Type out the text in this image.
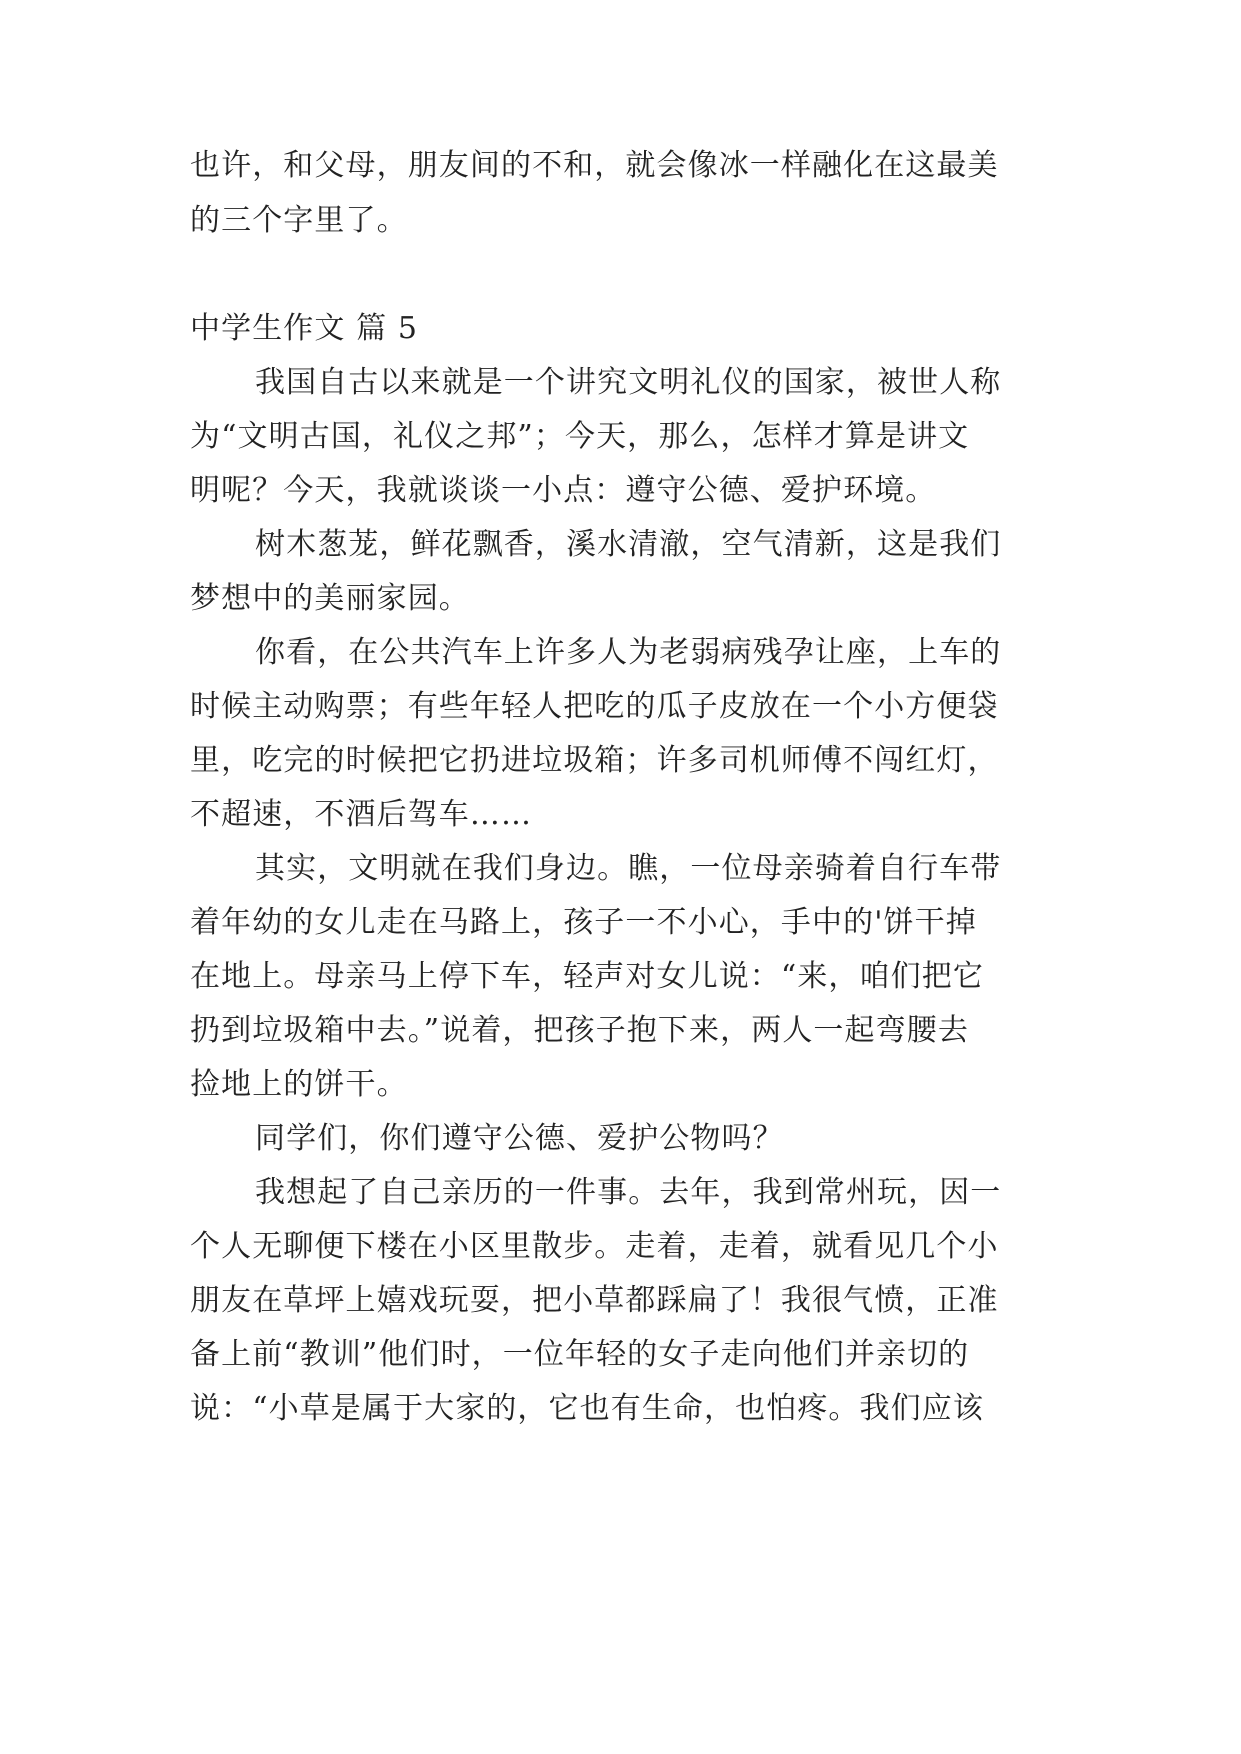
也许，和父母，朋友间的不和，就会像冰一样融化在这最美
的三个字里了。
中学生作文 篇 5
我国自古以来就是一个讲究文明礼仪的国家，被世人称
为“文明古国，礼仪之邦”；今天，那么，怎样才算是讲文
明呢？今天，我就谈谈一小点：遵守公德、爱护环境。
树木葱茏，鲜花飘香，溪水清澈，空气清新，这是我们
梦想中的美丽家园。
你看，在公共汽车上许多人为老弱病残孕让座，上车的
时候主动购票；有些年轻人把吃的瓜子皮放在一个小方便袋
里，吃完的时候把它扔进垃圾箱；许多司机师傅不闯红灯，
不超速，不酒后驾车……
其实，文明就在我们身边。瞧，一位母亲骑着自行车带
着年幼的女儿走在马路上，孩子一不小心，手中的'饼干掉
在地上。母亲马上停下车，轻声对女儿说：“来，咱们把它
扔到垃圾箱中去。”说着，把孩子抱下来，两人一起弯腰去
捡地上的饼干。
同学们，你们遵守公德、爱护公物吗？
我想起了自己亲历的一件事。去年，我到常州玩，因一
个人无聊便下楼在小区里散步。走着，走着，就看见几个小
朋友在草坪上嬉戏玩耍，把小草都踩扁了！我很气愤，正准
备上前“教训”他们时，一位年轻的女子走向他们并亲切的
说：“小草是属于大家的，它也有生命，也怕疼。我们应该
